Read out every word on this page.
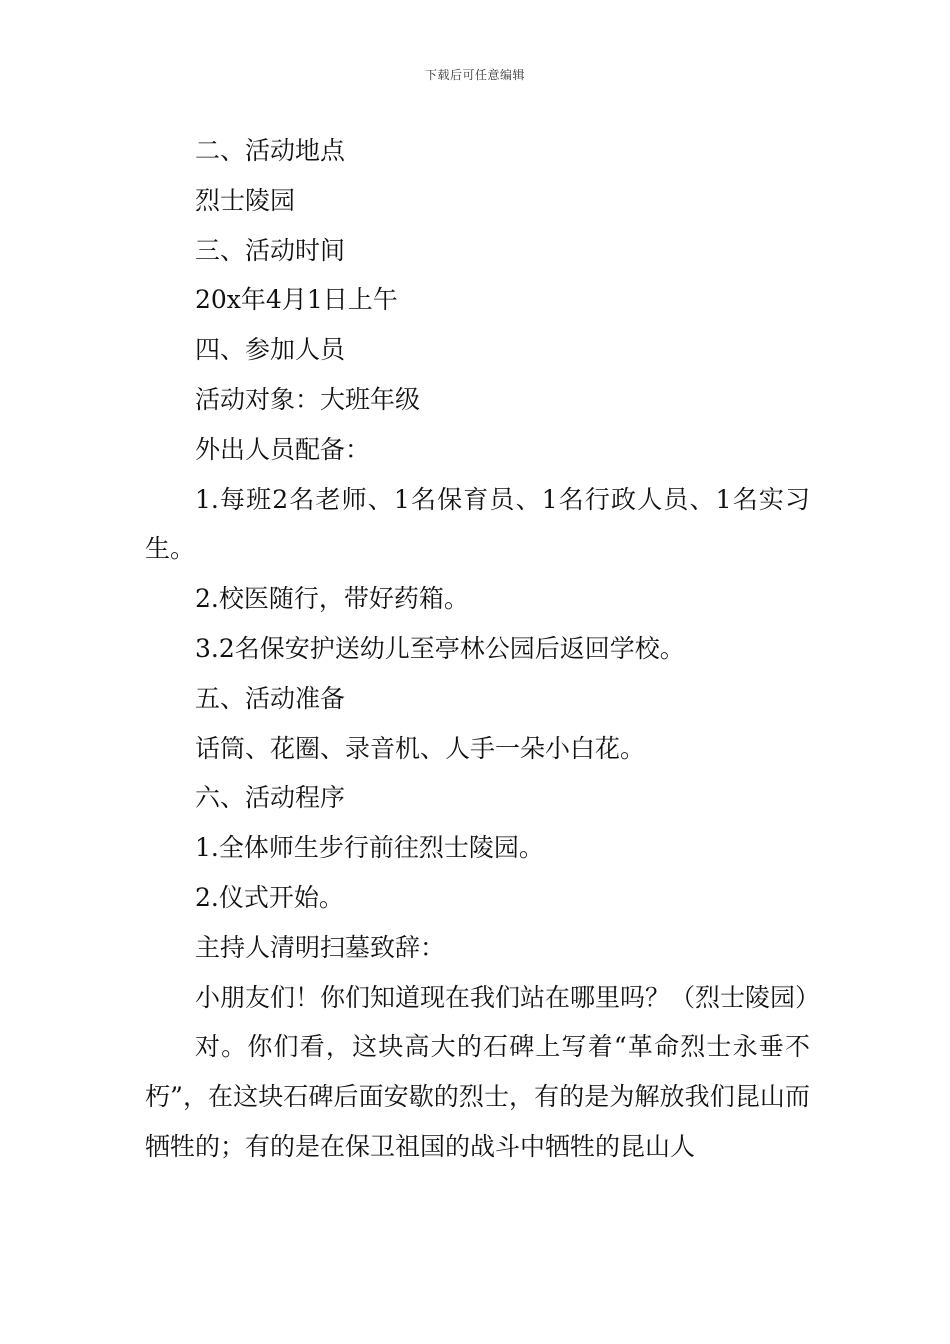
下载后可任意编辑

二、活动地点

烈士陵园

三、活动时间

20x年4月1日上午

四、参加人员

活动对象：大班年级

外出人员配备：

1.每班2名老师、1名保育员、1名行政人员、1名实习生。

2.校医随行，带好药箱。

3.2名保安护送幼儿至亭林公园后返回学校。

五、活动准备

话筒、花圈、录音机、人手一朵小白花。

六、活动程序

1.全体师生步行前往烈士陵园。

2.仪式开始。

主持人清明扫墓致辞：

小朋友们！你们知道现在我们站在哪里吗？（烈士陵园）

对。你们看，这块高大的石碑上写着“革命烈士永垂不朽”，在这块石碑后面安歇的烈士，有的是为解放我们昆山而牺牲的；有的是在保卫祖国的战斗中牺牲的昆山人
